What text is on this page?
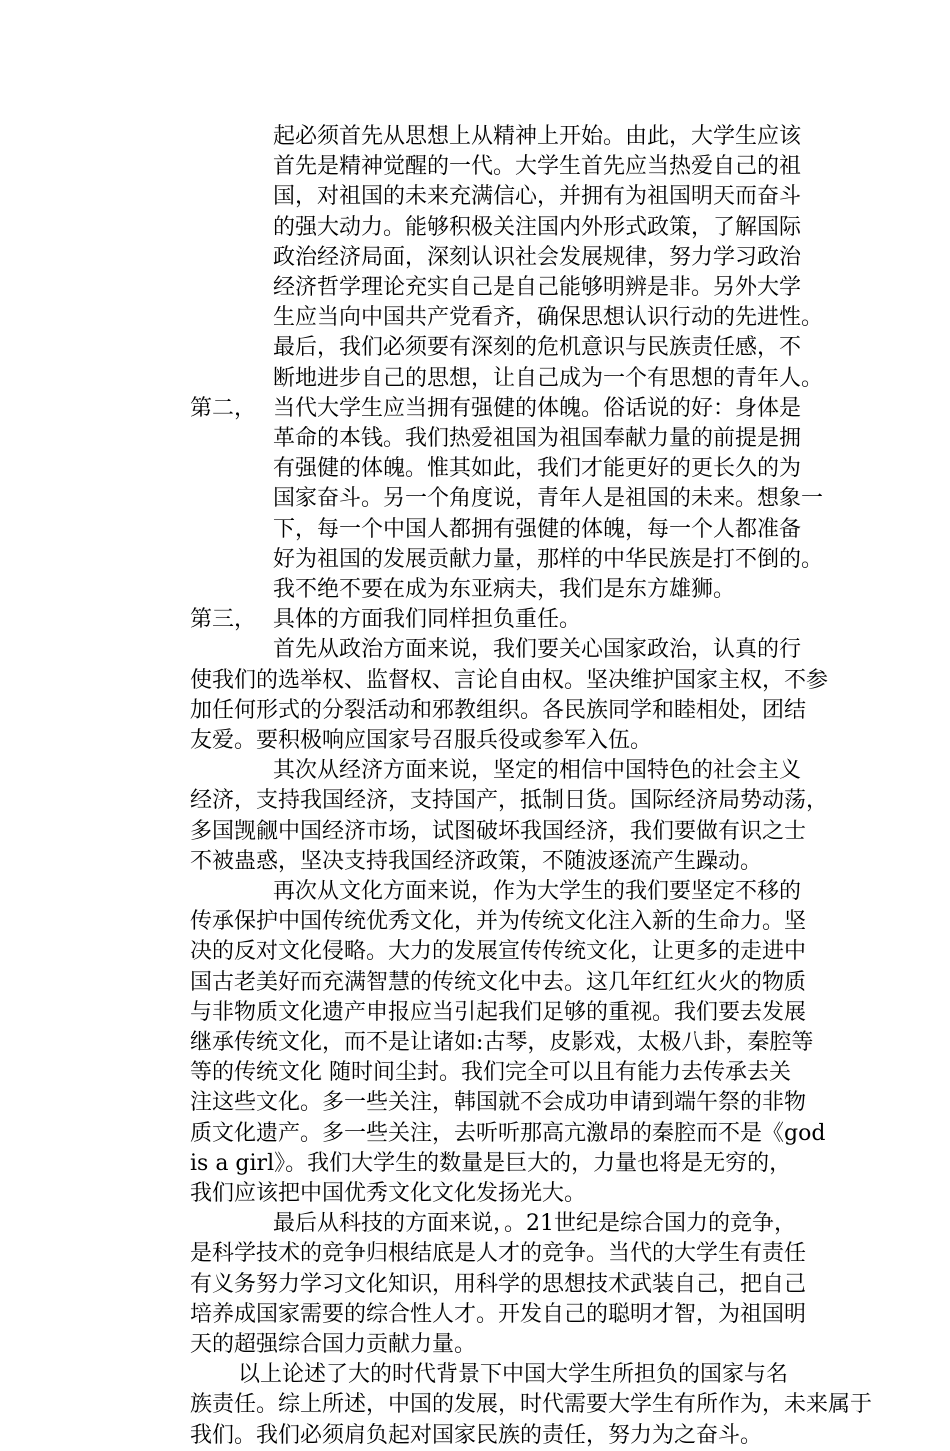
起必须首先从思想上从精神上开始。由此，大学生应该
首先是精神觉醒的一代。大学生首先应当热爱自己的祖
国，对祖国的未来充满信心，并拥有为祖国明天而奋斗
的强大动力。能够积极关注国内外形式政策，了解国际
政治经济局面，深刻认识社会发展规律，努力学习政治
经济哲学理论充实自己是自己能够明辨是非。另外大学
生应当向中国共产党看齐，确保思想认识行动的先进性。
最后，我们必须要有深刻的危机意识与民族责任感，不
断地进步自己的思想，让自己成为一个有思想的青年人。
第二， 当代大学生应当拥有强健的体魄。俗话说的好：身体是
革命的本钱。我们热爱祖国为祖国奉献力量的前提是拥
有强健的体魄。惟其如此，我们才能更好的更长久的为
国家奋斗。另一个角度说，青年人是祖国的未来。想象一
下，每一个中国人都拥有强健的体魄，每一个人都准备
好为祖国的发展贡献力量，那样的中华民族是打不倒的。
我不绝不要在成为东亚病夫，我们是东方雄狮。
第三， 具体的方面我们同样担负重任。
首先从政治方面来说，我们要关心国家政治，认真的行
使我们的选举权、监督权、言论自由权。坚决维护国家主权，不参
加任何形式的分裂活动和邪教组织。各民族同学和睦相处，团结
友爱。要积极响应国家号召服兵役或参军入伍。
其次从经济方面来说，坚定的相信中国特色的社会主义
经济，支持我国经济，支持国产，抵制日货。国际经济局势动荡，
多国觊觎中国经济市场，试图破坏我国经济，我们要做有识之士
不被蛊惑，坚决支持我国经济政策，不随波逐流产生躁动。
再次从文化方面来说，作为大学生的我们要坚定不移的
传承保护中国传统优秀文化，并为传统文化注入新的生命力。坚
决的反对文化侵略。大力的发展宣传传统文化，让更多的走进中
国古老美好而充满智慧的传统文化中去。这几年红红火火的物质
与非物质文化遗产申报应当引起我们足够的重视。我们要去发展
继承传统文化，而不是让诸如:古琴，皮影戏，太极八卦，秦腔等
等的传统文化 随时间尘封。我们完全可以且有能力去传承去关
注这些文化。多一些关注，韩国就不会成功申请到端午祭的非物
质文化遗产。多一些关注，去听听那高亢激昂的秦腔而不是《god
is a girl》。我们大学生的数量是巨大的，力量也将是无穷的，
我们应该把中国优秀文化文化发扬光大。
最后从科技的方面来说，。21世纪是综合国力的竞争，
是科学技术的竞争归根结底是人才的竞争。当代的大学生有责任
有义务努力学习文化知识，用科学的思想技术武装自己，把自己
培养成国家需要的综合性人才。开发自己的聪明才智，为祖国明
天的超强综合国力贡献力量。
以上论述了大的时代背景下中国大学生所担负的国家与名
族责任。综上所述，中国的发展，时代需要大学生有所作为，未来属于
我们。我们必须肩负起对国家民族的责任，努力为之奋斗。
